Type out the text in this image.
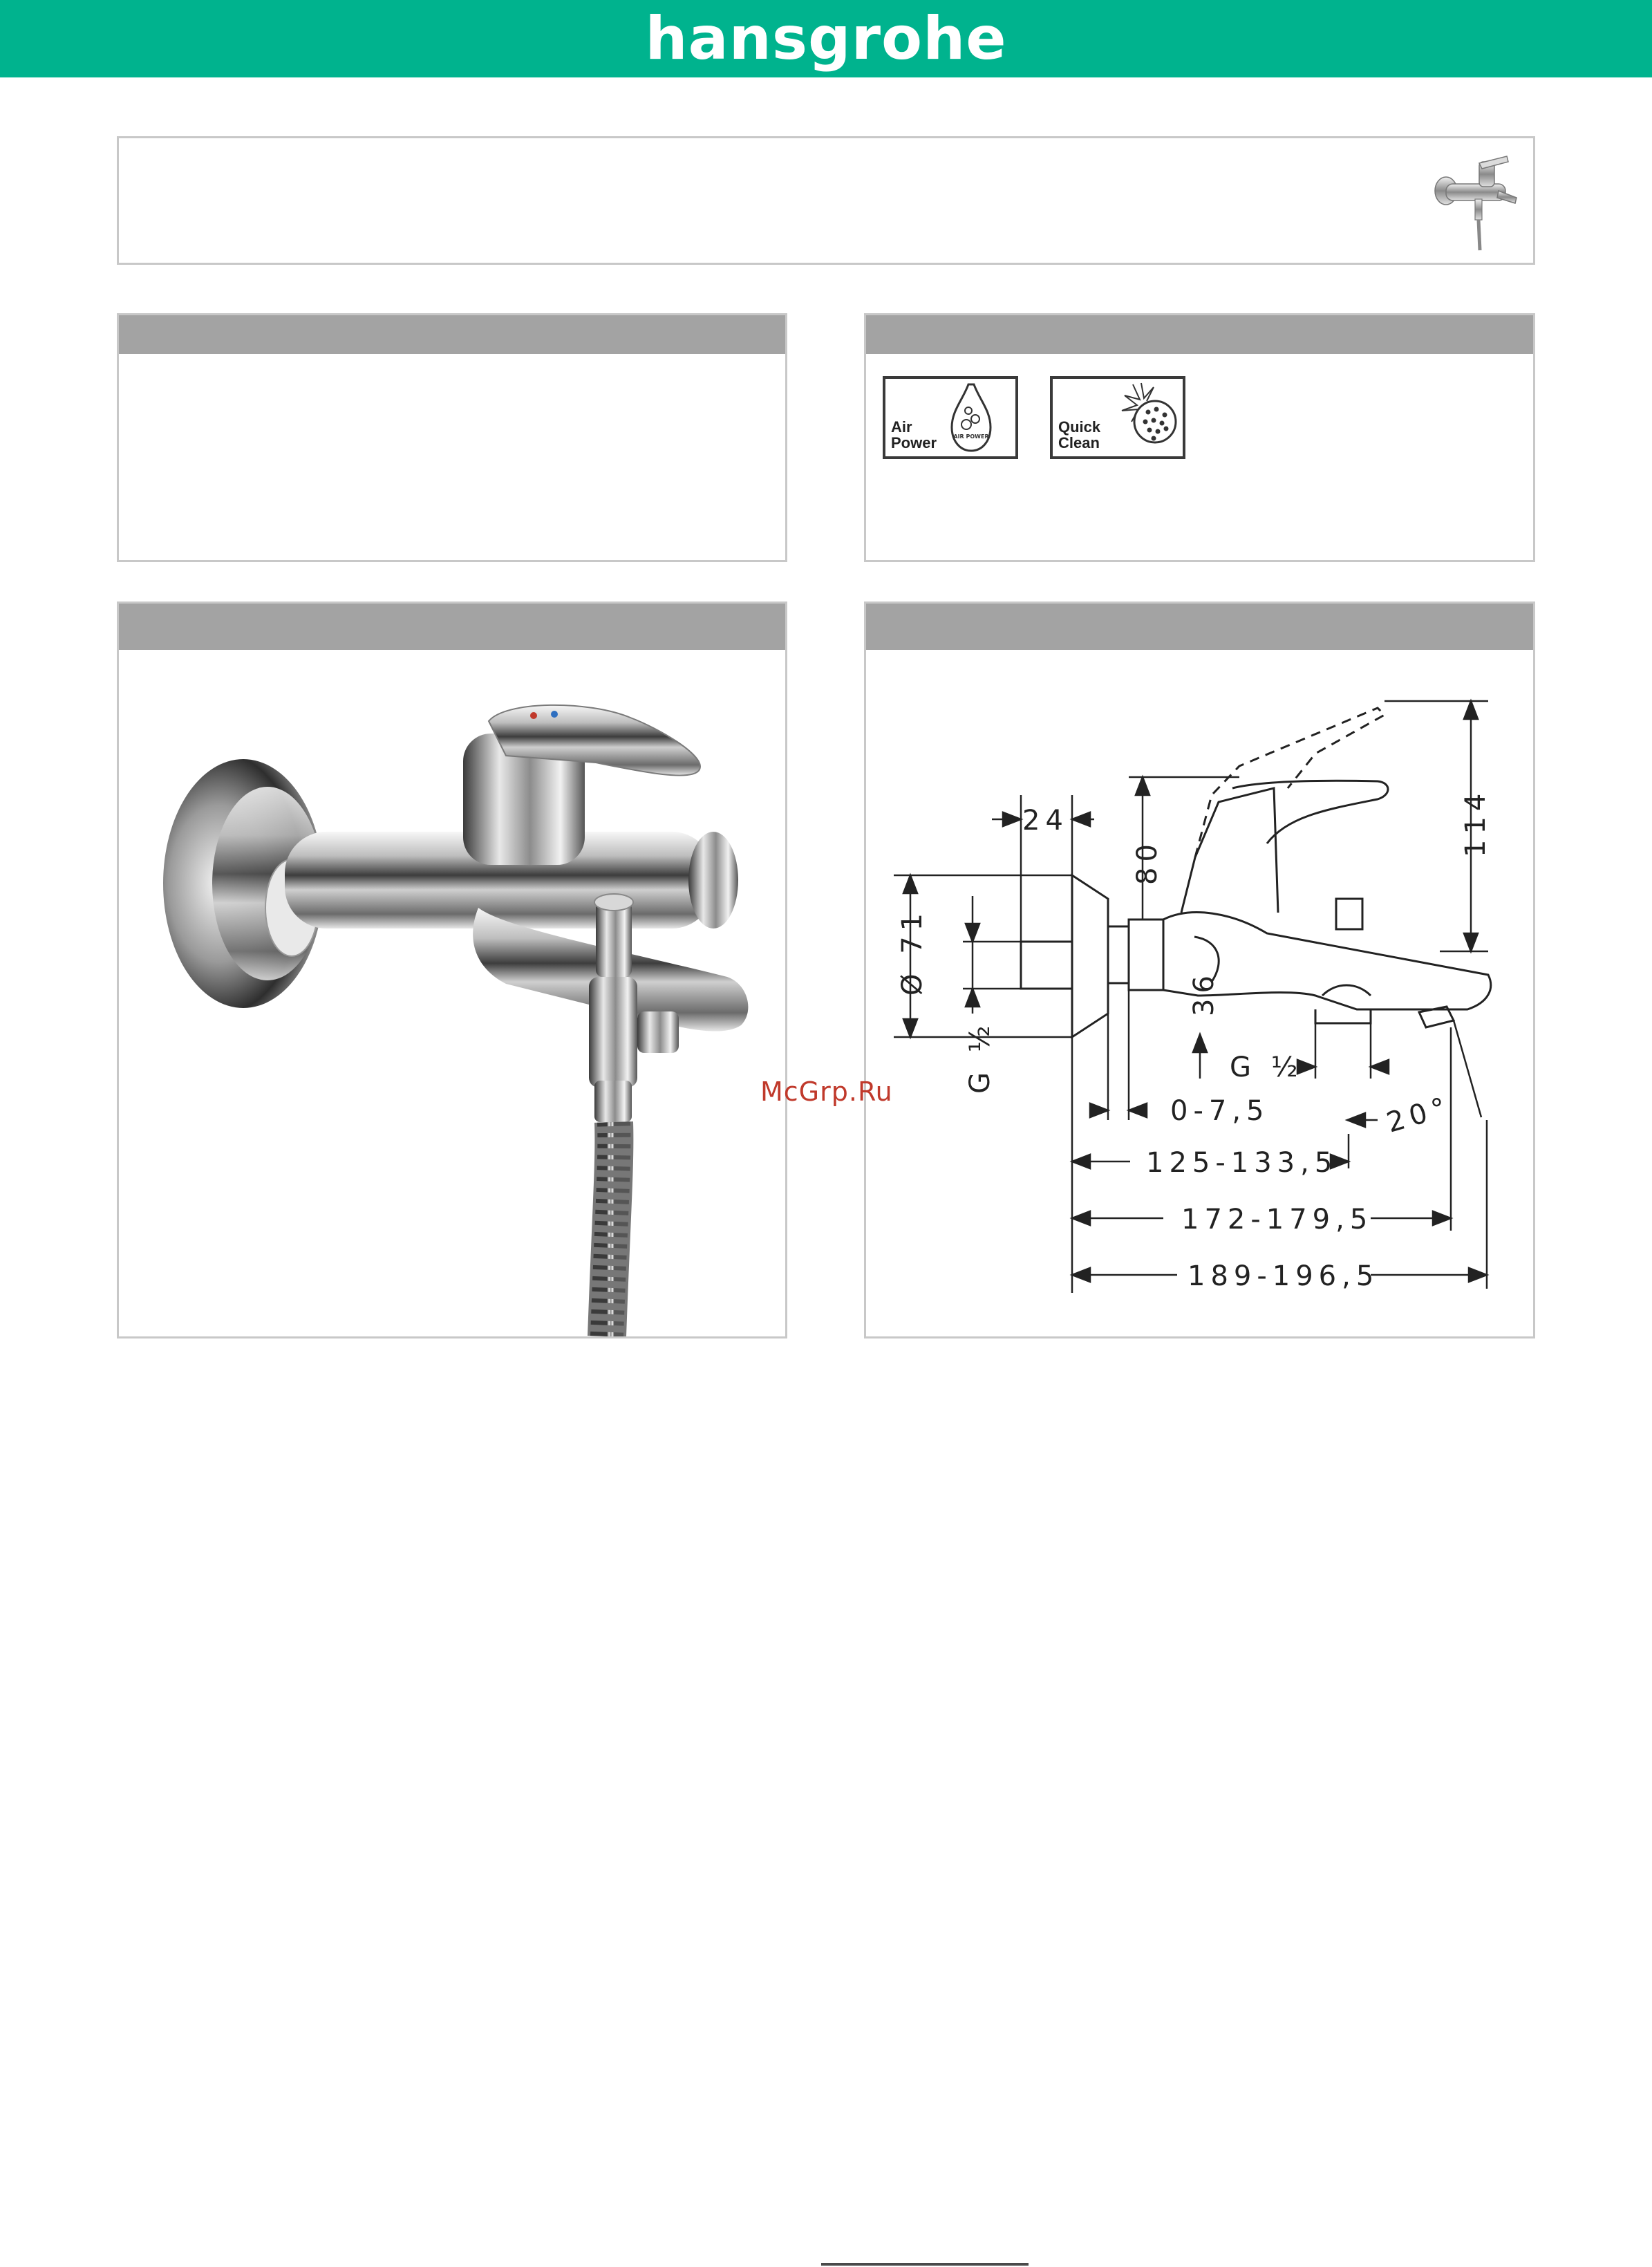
hansgrohe
Air
Power	AIR POWER
Quick
Clean
24
80
114
Ø 71	36
G ½	G ½
0-7,5	20°
125-133,5
172-179,5
189-196,5
McGrp.Ru
